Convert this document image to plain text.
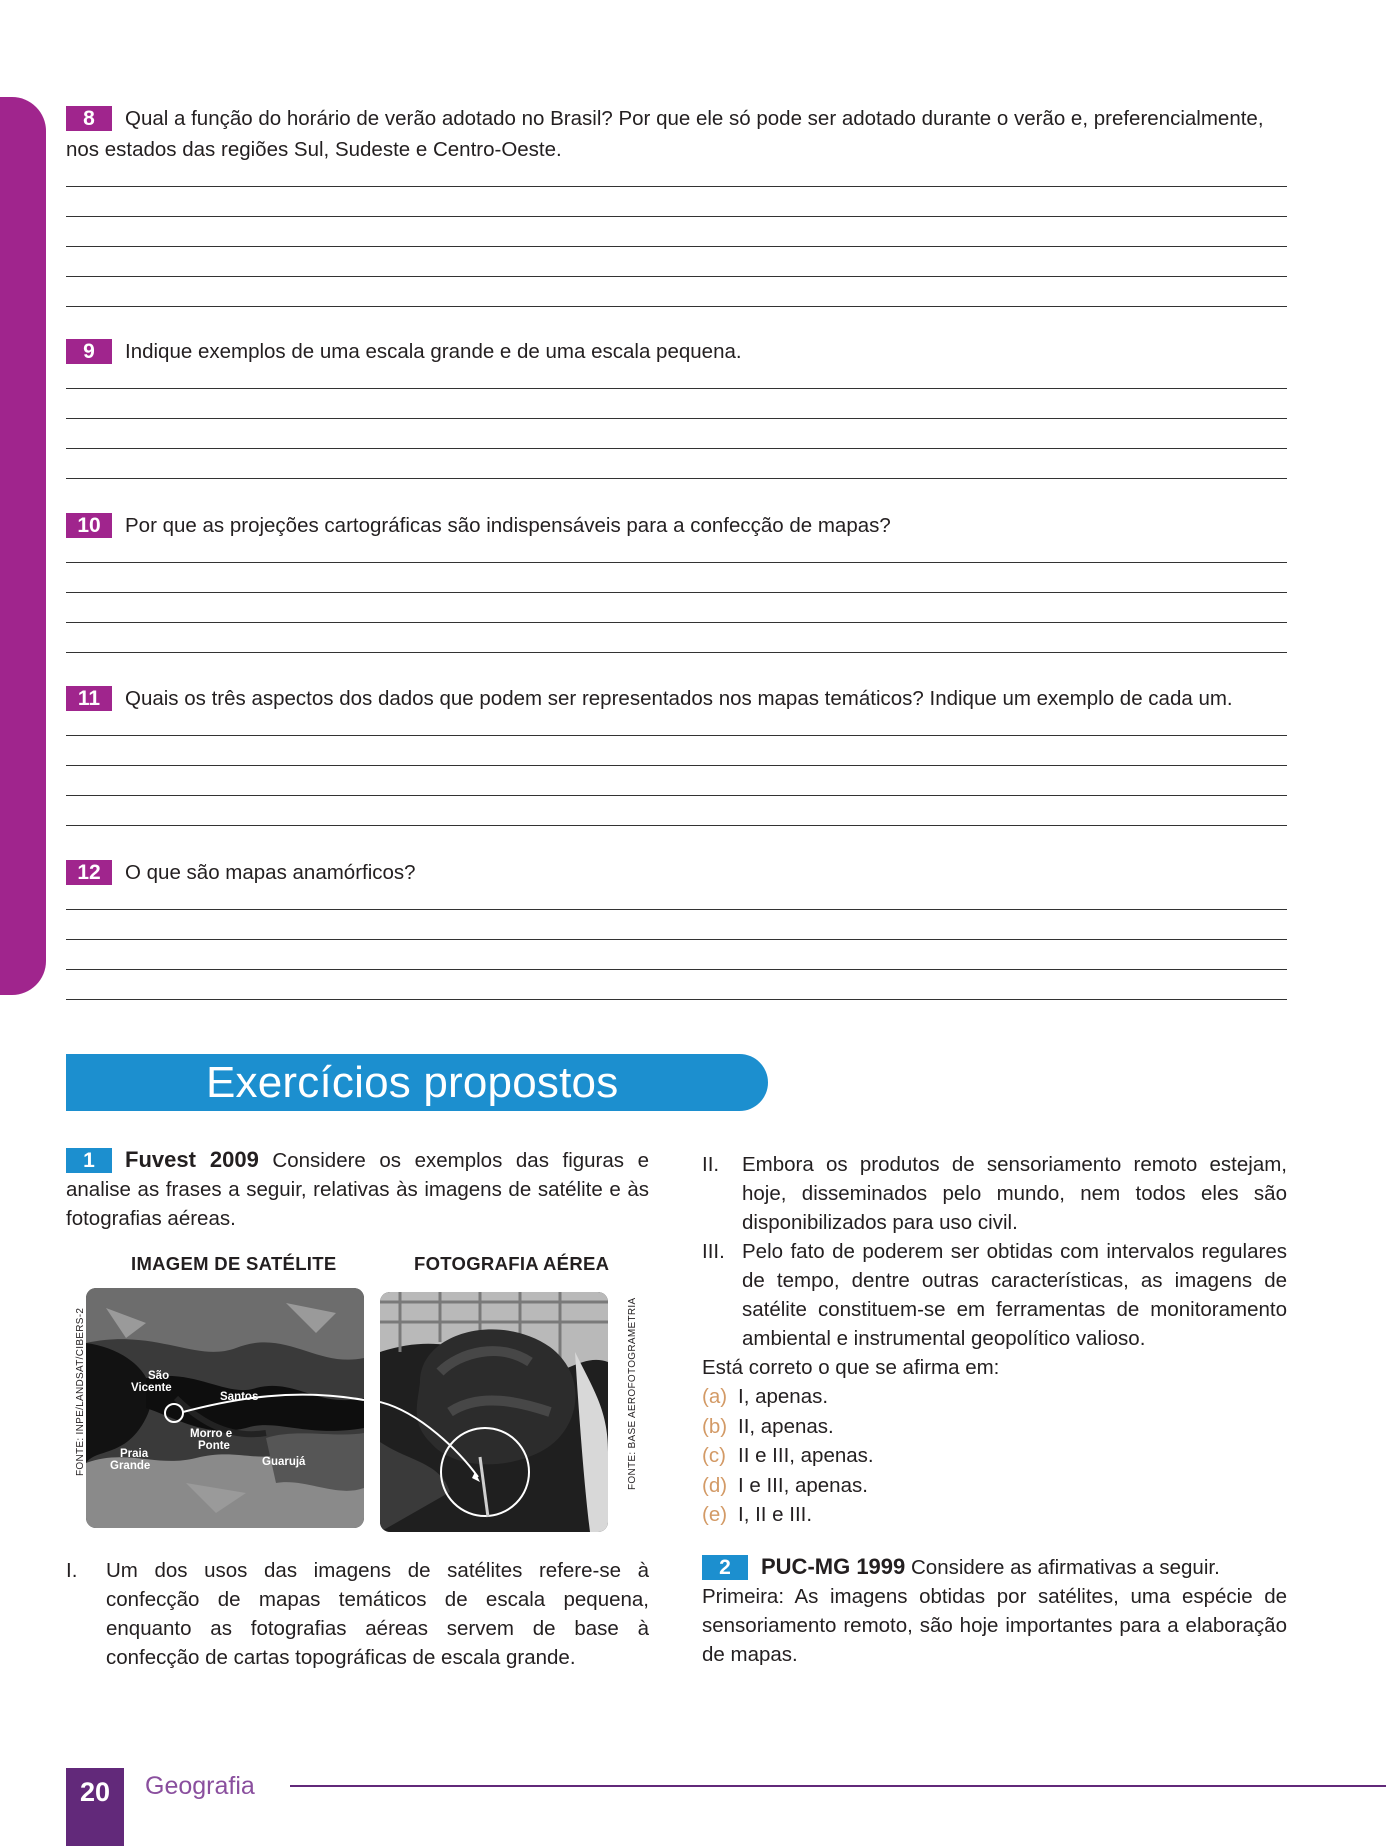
8 Qual a função do horário de verão adotado no Brasil? Por que ele só pode ser adotado durante o verão e, preferencialmente, nos estados das regiões Sul, Sudeste e Centro-Oeste.
9 Indique exemplos de uma escala grande e de uma escala pequena.
10 Por que as projeções cartográficas são indispensáveis para a confecção de mapas?
11 Quais os três aspectos dos dados que podem ser representados nos mapas temáticos? Indique um exemplo de cada um.
12 O que são mapas anamórficos?
Exercícios propostos
1 Fuvest 2009 Considere os exemplos das figuras e analise as frases a seguir, relativas às imagens de satélite e às fotografias aéreas.
IMAGEM DE SATÉLITE	FOTOGRAFIA AÉREA
São Vicente
Santos
Morro e Ponte
Praia Grande	Guarujá
FONTE: INPE/LANDSAT/CIBERS-2	FONTE: BASE AEROFOTOGRAMETRIA
I. Um dos usos das imagens de satélites refere-se à confecção de mapas temáticos de escala pequena, enquanto as fotografias aéreas servem de base à confecção de cartas topográficas de escala grande.
II. Embora os produtos de sensoriamento remoto estejam, hoje, disseminados pelo mundo, nem todos eles são disponibilizados para uso civil.
III. Pelo fato de poderem ser obtidas com intervalos regulares de tempo, dentre outras características, as imagens de satélite constituem-se em ferramentas de monitoramento ambiental e instrumental geopolítico valioso.
Está correto o que se afirma em:
(a) I, apenas.
(b) II, apenas.
(c) II e III, apenas.
(d) I e III, apenas.
(e) I, II e III.
2 PUC-MG 1999 Considere as afirmativas a seguir.
Primeira: As imagens obtidas por satélites, uma espécie de sensoriamento remoto, são hoje importantes para a elaboração de mapas.
20	Geografia
